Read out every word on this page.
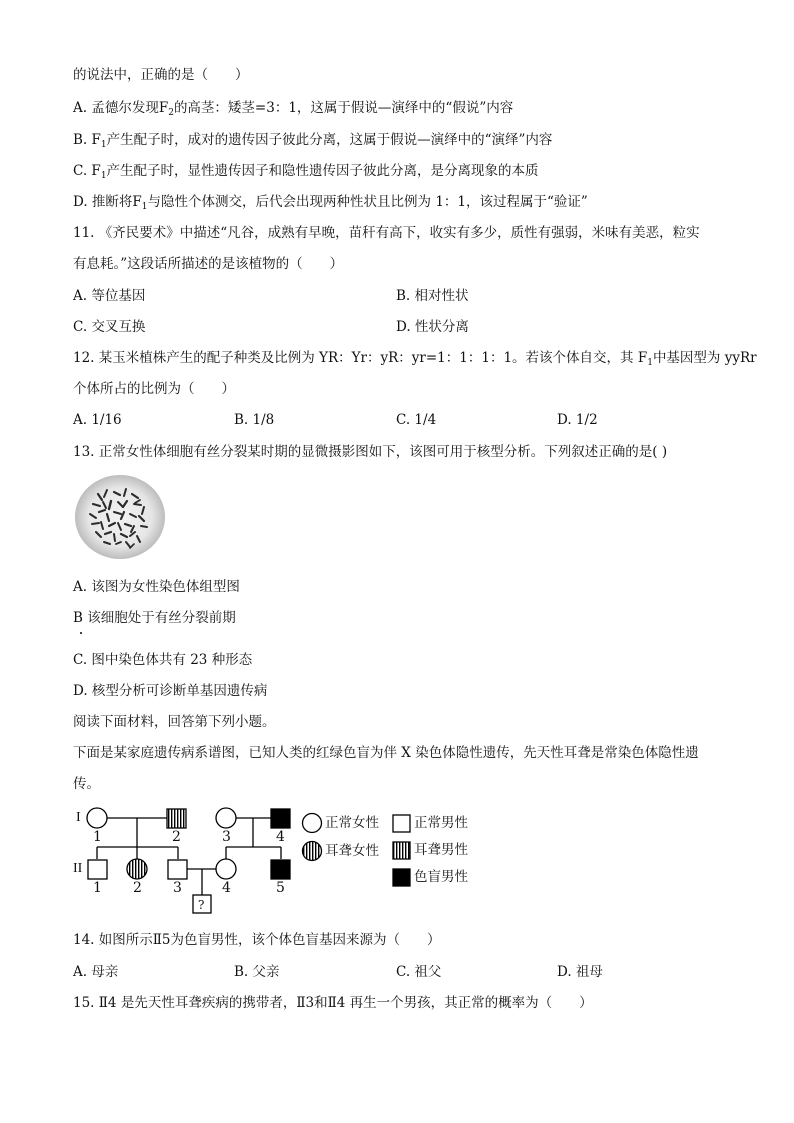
的说法中，正确的是（　　）
A. 孟德尔发现$F_2$的高茎：矮茎=3：1，这属于假说—演绎中的“假说”内容
B. $F_1$产生配子时，成对的遗传因子彼此分离，这属于假说—演绎中的“演绎”内容
C. $F_1$产生配子时，显性遗传因子和隐性遗传因子彼此分离，是分离现象的本质
D. 推断将$F_1$与隐性个体测交，后代会出现两种性状且比例为 1：1，该过程属于“验证”
11. 《齐民要术》中描述“凡谷，成熟有早晚，苗秆有高下，收实有多少，质性有强弱，米味有美恶，粒实
有息耗。”这段话所描述的是该植物的（　　）
A. 等位基因	B. 相对性状
C. 交叉互换	D. 性状分离
12. 某玉米植株产生的配子种类及比例为 YR：Yr：yR：yr=1：1：1：1。若该个体自交，其 $F_1$中基因型为 yyRr
个体所占的比例为（　　）
A. 1/16	B. 1/8	C. 1/4	D. 1/2
13. 正常女性体细胞有丝分裂某时期的显微摄影图如下，该图可用于核型分析。下列叙述正确的是( )
A. 该图为女性染色体组型图
B 该细胞处于有丝分裂前期
C. 图中染色体共有 23 种形态
D. 核型分析可诊断单基因遗传病
阅读下面材料，回答第下列小题。
下面是某家庭遗传病系谱图，已知人类的红绿色盲为伴 X 染色体隐性遗传，先天性耳聋是常染色体隐性遗
传。
I
II
1	2	3	4
1 2 3	4	5
?
正常女性
耳聋女性
正常男性
耳聋男性
色盲男性
14. 如图所示Ⅱ5为色盲男性，该个体色盲基因来源为（　　）
A. 母亲	B. 父亲	C. 祖父	D. 祖母
15. Ⅱ4 是先天性耳聋疾病的携带者，Ⅱ3和Ⅱ4 再生一个男孩，其正常的概率为（　　）
